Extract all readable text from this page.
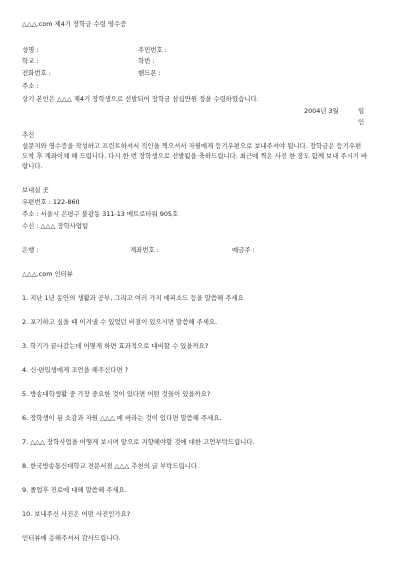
△△△.com 제4기 장학금 수령 영수증
성명 :	주민번호 :
학교 :	학번 :
전화번호 :	핸드폰 :
주소 :
상기 본인은 △△△ 제4기 장학생으로 선발되어 장학금 삼십만원 정을 수령하였습니다.
2004년 3월	일
인
추신
설문지와 영수증을 작성하고 프린트하셔서 직인을 찍으셔서 자필에게 등기우편으로 보내주셔야 됩니다. 장학금은 등기우편 도착 후 계좌이체 해 드립니다. 다시 한 번 장학생으로 선발됨을 축하드립니다. 최근에 찍은 사진 한 장도 함께 보내 주시기 바랍니다.
보내실 곳
우편번호 : 122-860
주소 : 서울시 은평구 불광동 311-13 메트로타워 905호
수신 : △△△ 장학사업팀
은행 :	계좌번호 :	예금주 :
△△△.com 인터뷰
1. 지난 1년 동안의 생활과 공부, 그리고 여러 가지 에피소드 등을 말씀해 주세요
2. 포기하고 싶을 때 이겨낼 수 있었던 비결이 있으시면 말씀해 주세요.
3. 학기가 끝나갔는데 어떻게 하면 효과적으로 대비할 수 있을까요?
4. 신·편입생에게 조언을 해주신다면 ?
5. 방송대학생활 중 가장 중요한 것이 있다면 어떤 것들이 있을까요?
6. 장학생이 된 소감과 자원 △△△ 에 바라는 것이 있다면 말씀해 주세요.
7. △△△ 장학사업을 어떻게 보시며 앞으로 지향해야할 것에 대한 고언부탁드립니다.
8. 한국방송통신대학교 전문서점 △△△ 추천의 글 부탁드립니다.
9. 졸업후 진로에 대해 말씀해 주세요.
10. 보내주신 사진은 어떤 사진인가요?
인터뷰에 응해주셔서 감사드립니다.
